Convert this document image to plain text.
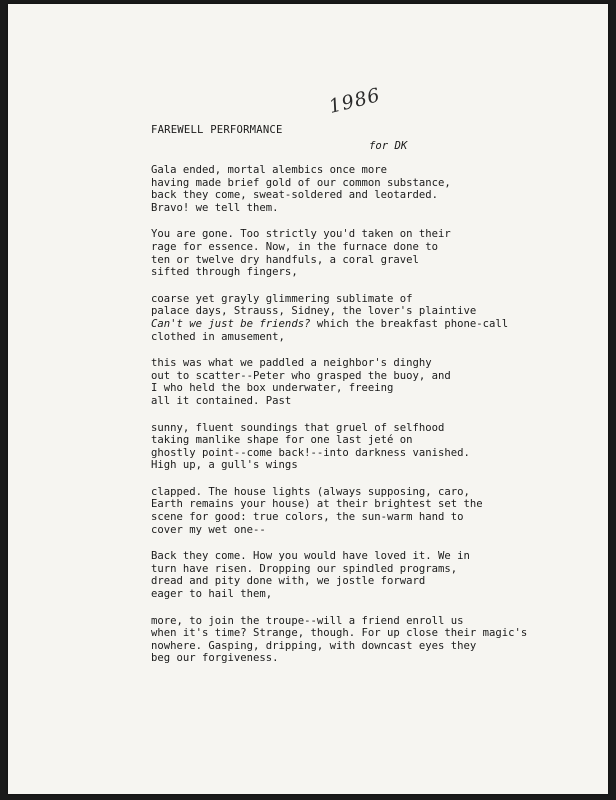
FAREWELL PERFORMANCE
1986
for DK
Gala ended, mortal alembics once more
having made brief gold of our common substance,
back they come, sweat-soldered and leotarded.
Bravo! we tell them.
You are gone. Too strictly you'd taken on their
rage for essence. Now, in the furnace done to
ten or twelve dry handfuls, a coral gravel
sifted through fingers,
coarse yet grayly glimmering sublimate of
palace days, Strauss, Sidney, the lover's plaintive
Can't we just be friends? which the breakfast phone-call
clothed in amusement,
this was what we paddled a neighbor's dinghy
out to scatter--Peter who grasped the buoy, and
I who held the box underwater, freeing
all it contained. Past
sunny, fluent soundings that gruel of selfhood
taking manlike shape for one last jeté on
ghostly point--come back!--into darkness vanished.
High up, a gull's wings
clapped. The house lights (always supposing, caro,
Earth remains your house) at their brightest set the
scene for good: true colors, the sun-warm hand to
cover my wet one--
Back they come. How you would have loved it. We in
turn have risen. Dropping our spindled programs,
dread and pity done with, we jostle forward
eager to hail them,
more, to join the troupe--will a friend enroll us
when it's time? Strange, though. For up close their magic's
nowhere. Gasping, dripping, with downcast eyes they
beg our forgiveness.
